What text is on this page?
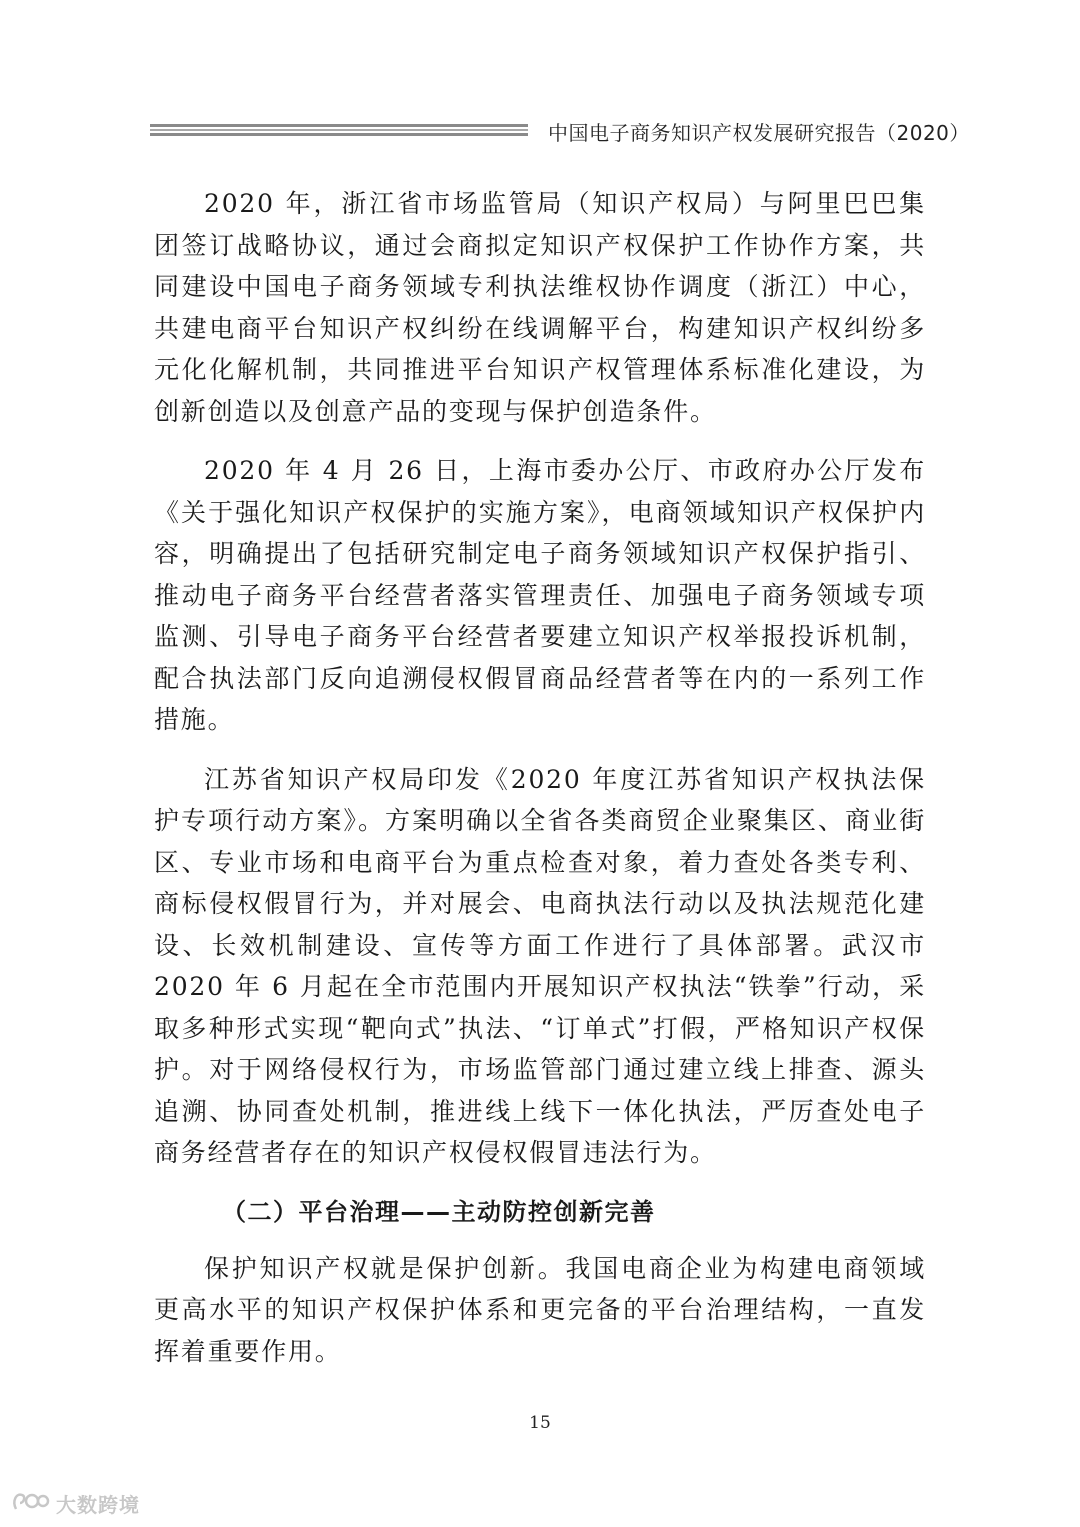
中国电子商务知识产权发展研究报告（2020）

2020 年，浙江省市场监管局（知识产权局）与阿里巴巴集团签订战略协议，通过会商拟定知识产权保护工作协作方案，共同建设中国电子商务领域专利执法维权协作调度（浙江）中心，共建电商平台知识产权纠纷在线调解平台，构建知识产权纠纷多元化化解机制，共同推进平台知识产权管理体系标准化建设，为创新创造以及创意产品的变现与保护创造条件。

2020 年 4 月 26 日，上海市委办公厅、市政府办公厅发布《关于强化知识产权保护的实施方案》，电商领域知识产权保护内容，明确提出了包括研究制定电子商务领域知识产权保护指引、推动电子商务平台经营者落实管理责任、加强电子商务领域专项监测、引导电子商务平台经营者要建立知识产权举报投诉机制，配合执法部门反向追溯侵权假冒商品经营者等在内的一系列工作措施。

江苏省知识产权局印发《2020 年度江苏省知识产权执法保护专项行动方案》。方案明确以全省各类商贸企业聚集区、商业街区、专业市场和电商平台为重点检查对象，着力查处各类专利、商标侵权假冒行为，并对展会、电商执法行动以及执法规范化建设、长效机制建设、宣传等方面工作进行了具体部署。武汉市 2020 年 6 月起在全市范围内开展知识产权执法“铁拳”行动，采取多种形式实现“靶向式”执法、“订单式”打假，严格知识产权保护。对于网络侵权行为，市场监管部门通过建立线上排查、源头追溯、协同查处机制，推进线上线下一体化执法，严厉查处电子商务经营者存在的知识产权侵权假冒违法行为。

（二）平台治理——主动防控创新完善

保护知识产权就是保护创新。我国电商企业为构建电商领域更高水平的知识产权保护体系和更完备的平台治理结构，一直发挥着重要作用。

15
大数跨境
